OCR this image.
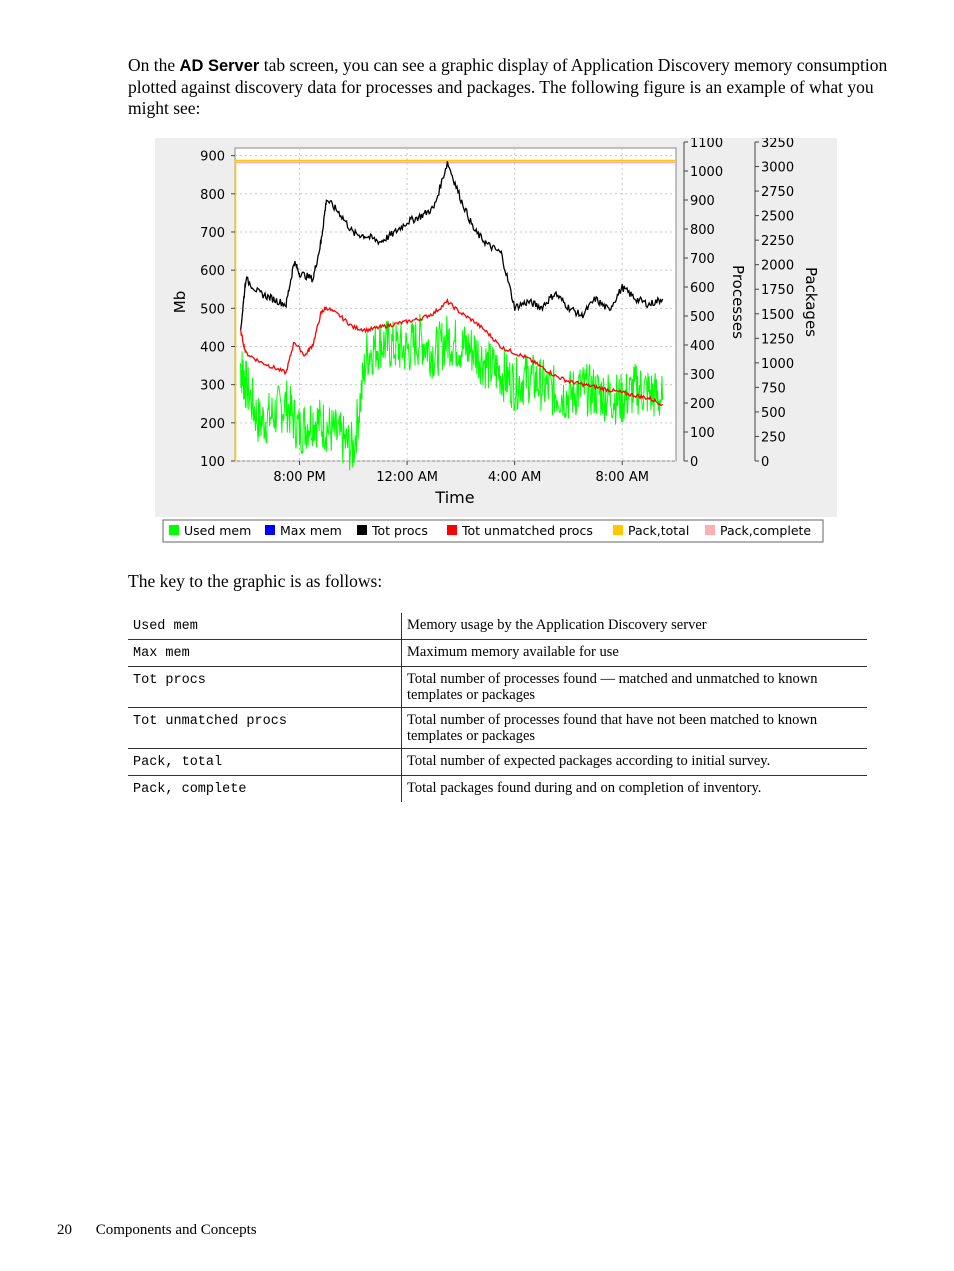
On the AD Server tab screen, you can see a graphic display of Application Discovery memory consumption plotted against discovery data for processes and packages. The following figure is an example of what you might see:
8:00 PM	12:00 AM	4:00 AM	8:00 AM
100
200
300
400
500
600
700
800
900
0
100
200
300
400
500
600
700
800
900
1000
1100
0
250
500
750
1000
1250
1500
1750
2000
2250
2500
2750
3000
3250
Time
Mb	Processes	Packages
Used mem Max mem Tot procs	Tot unmatched procs	Pack,total Pack,complete
The key to the graphic is as follows:
Used mem	Memory usage by the Application Discovery server
Max mem	Maximum memory available for use
Tot procs	Total number of processes found — matched and unmatched to known templates or packages
Tot unmatched procs	Total number of processes found that have not been matched to known templates or packages
Pack, total	Total number of expected packages according to initial survey.
Pack, complete	Total packages found during and on completion of inventory.
20 Components and Concepts
